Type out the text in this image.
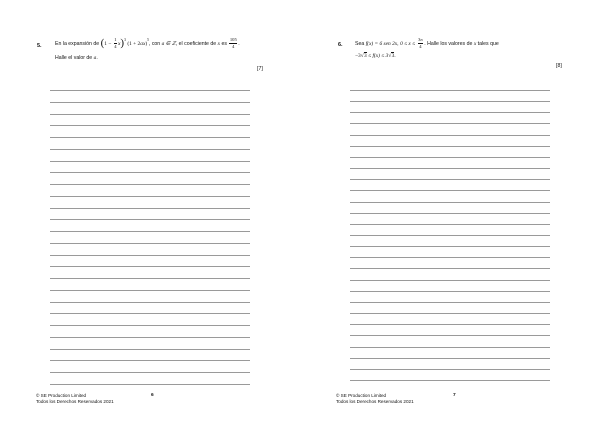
5.	En la expansión de $(1 - \frac{1}{4} x)^3$ $(1 + 2ax)^5$, con a ∈ ℤ, el coeficiente de x es $\frac{105}{4}$ .
Halle el valor de a.
[7]
© SE Production Limited
Todos los Derechos Reservados 2021
6
6. Sea f(x) = 6 sen 2x, $0 \le x \le \frac{3\pi}{4}$ . Halle los valores de x tales que
−3√3 ≤ f(x) ≤ 3√3.
[8]
© SE Production Limited
Todos los Derechos Reservados 2021
7
